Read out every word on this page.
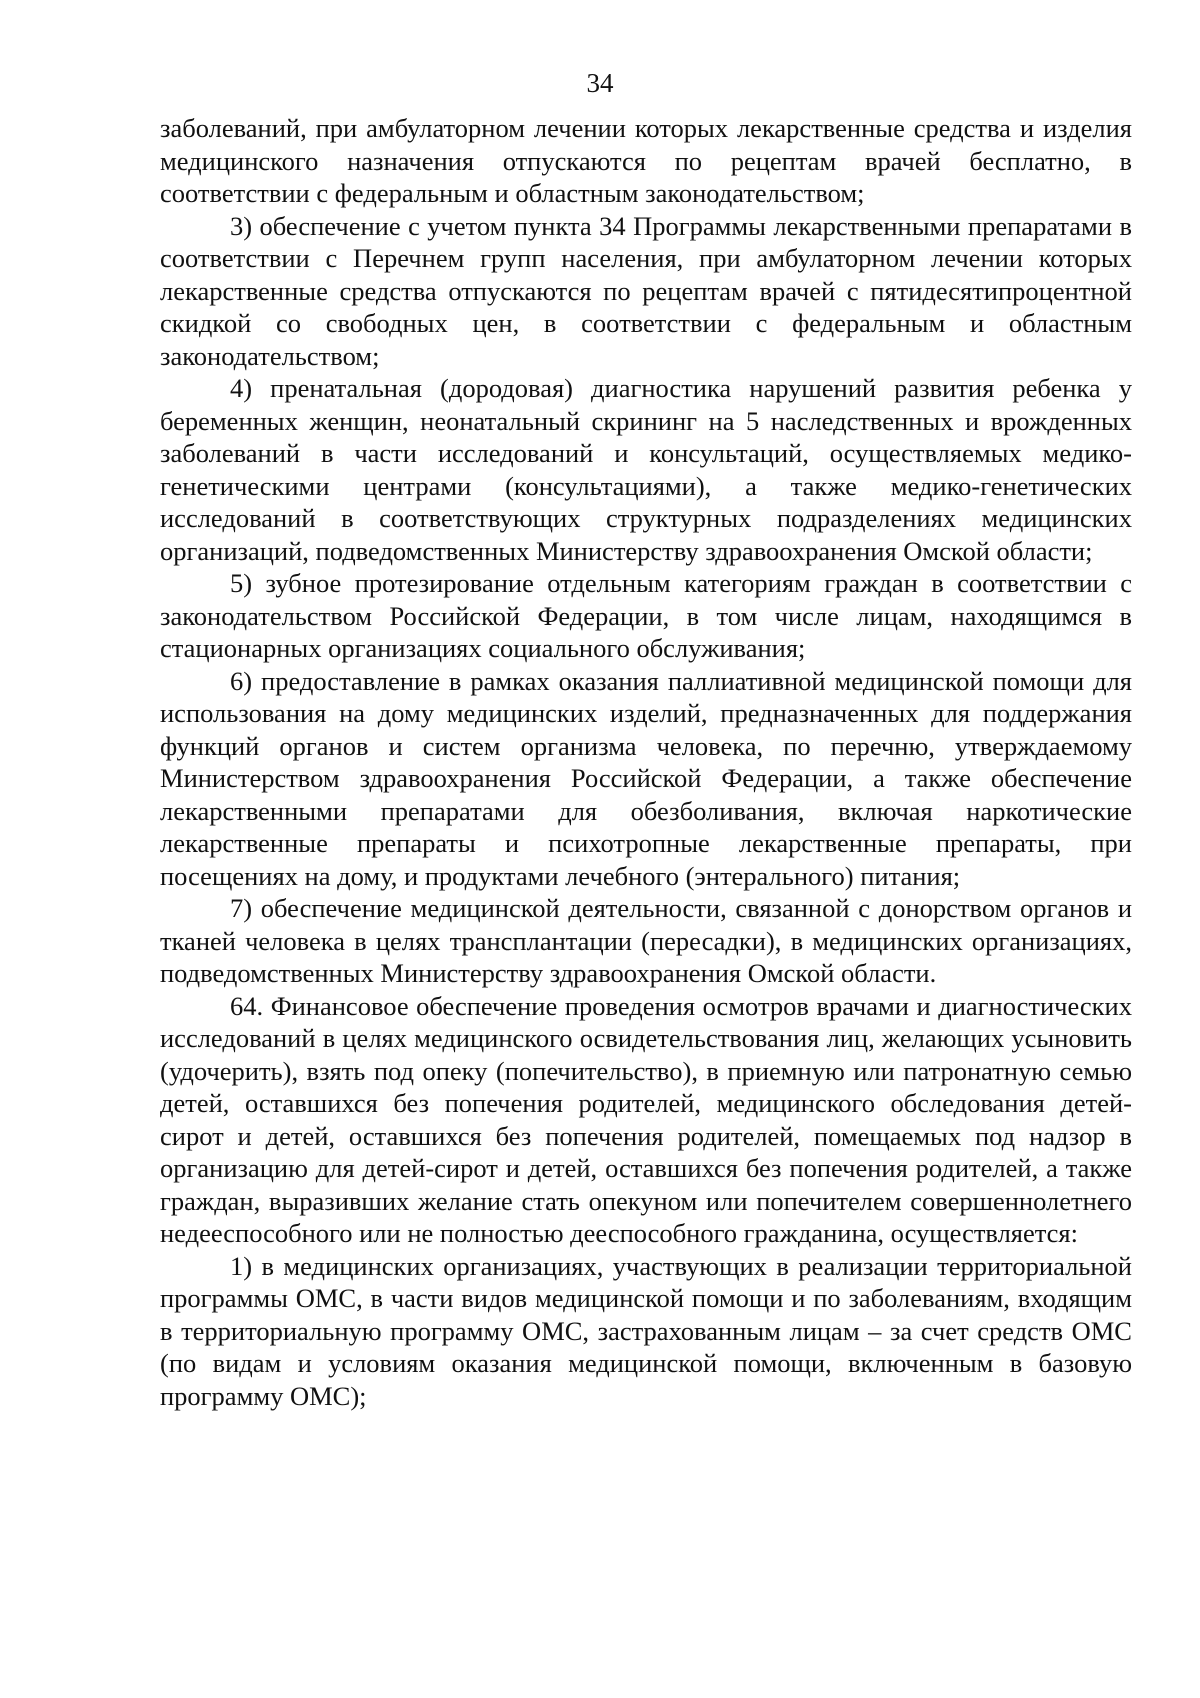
34

заболеваний, при амбулаторном лечении которых лекарственные средства и изделия медицинского назначения отпускаются по рецептам врачей бесплатно, в соответствии с федеральным и областным законодательством;

3) обеспечение с учетом пункта 34 Программы лекарственными препаратами в соответствии с Перечнем групп населения, при амбулаторном лечении которых лекарственные средства отпускаются по рецептам врачей с пятидесятипроцентной скидкой со свободных цен, в соответствии с федеральным и областным законодательством;

4) пренатальная (дородовая) диагностика нарушений развития ребенка у беременных женщин, неонатальный скрининг на 5 наследственных и врожденных заболеваний в части исследований и консультаций, осуществляемых медико-генетическими центрами (консультациями), а также медико-генетических исследований в соответствующих структурных подразделениях медицинских организаций, подведомственных Министерству здравоохранения Омской области;

5) зубное протезирование отдельным категориям граждан в соответствии с законодательством Российской Федерации, в том числе лицам, находящимся в стационарных организациях социального обслуживания;

6) предоставление в рамках оказания паллиативной медицинской помощи для использования на дому медицинских изделий, предназначенных для поддержания функций органов и систем организма человека, по перечню, утверждаемому Министерством здравоохранения Российской Федерации, а также обеспечение лекарственными препаратами для обезболивания, включая наркотические лекарственные препараты и психотропные лекарственные препараты, при посещениях на дому, и продуктами лечебного (энтерального) питания;

7) обеспечение медицинской деятельности, связанной с донорством органов и тканей человека в целях трансплантации (пересадки), в медицинских организациях, подведомственных Министерству здравоохранения Омской области.

64. Финансовое обеспечение проведения осмотров врачами и диагностических исследований в целях медицинского освидетельствования лиц, желающих усыновить (удочерить), взять под опеку (попечительство), в приемную или патронатную семью детей, оставшихся без попечения родителей, медицинского обследования детей-сирот и детей, оставшихся без попечения родителей, помещаемых под надзор в организацию для детей-сирот и детей, оставшихся без попечения родителей, а также граждан, выразивших желание стать опекуном или попечителем совершеннолетнего недееспособного или не полностью дееспособного гражданина, осуществляется:

1) в медицинских организациях, участвующих в реализации территориальной программы ОМС, в части видов медицинской помощи и по заболеваниям, входящим в территориальную программу ОМС, застрахованным лицам – за счет средств ОМС (по видам и условиям оказания медицинской помощи, включенным в базовую программу ОМС);
